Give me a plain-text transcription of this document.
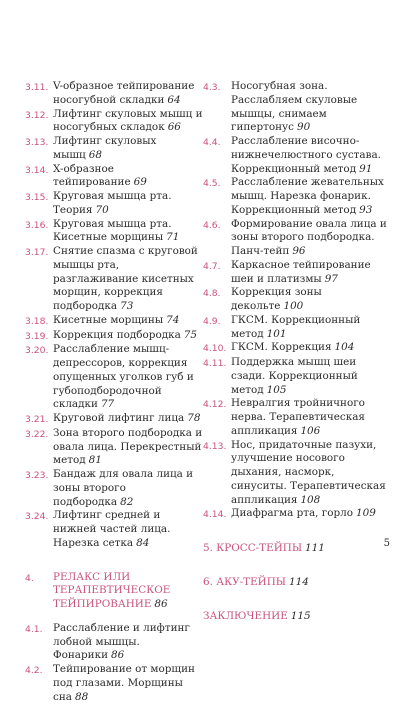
3.11. V-образное тейпирование носогубной складки 64
3.12. Лифтинг скуловых мышц и носогубных складок 66
3.13. Лифтинг скуловых мышц 68
3.14. X-образное тейпирование 69
3.15. Круговая мышца рта. Теория 70
3.16. Круговая мышца рта. Кисетные морщины 71
3.17. Снятие спазма с круговой мышцы рта, разглаживание кисетных морщин, коррекция подбородка 73
3.18. Кисетные морщины 74
3.19. Коррекция подбородка 75
3.20. Расслабление мышц-депрессоров, коррекция опущенных уголков губ и губоподбородочной складки 77
3.21. Круговой лифтинг лица 78
3.22. Зона второго подбородка и овала лица. Перекрестный метод 81
3.23. Бандаж для овала лица и зоны второго подбородка 82
3.24. Лифтинг средней и нижней частей лица. Нарезка сетка 84
4.	РЕЛАКС ИЛИ ТЕРАПЕВТИЧЕСКОЕ ТЕЙПИРОВАНИЕ 86
4.1.	Расслабление и лифтинг лобной мышцы. Фонарики 86
4.2.	Тейпирование от морщин под глазами. Морщины сна 88
4.3.	Носогубная зона. Расслабляем скуловые мышцы, снимаем гипертонус 90
4.4.	Расслабление височно-нижнечелюстного сустава. Коррекционный метод 91
4.5.	Расслабление жевательных мышц. Нарезка фонарик. Коррекционный метод 93
4.6.	Формирование овала лица и зоны второго подбородка. Панч-тейп 96
4.7.	Каркасное тейпирование шеи и платизмы 97
4.8.	Коррекция зоны декольте 100
4.9.	ГКСМ. Коррекционный метод 101
4.10. ГКСМ. Коррекция 104
4.11. Поддержка мышц шеи сзади. Коррекционный метод 105
4.12. Невралгия тройничного нерва. Терапевтическая аппликация 106
4.13. Нос, придаточные пазухи, улучшение носового дыхания, насморк, синуситы. Терапевтическая аппликация 108
4.14. Диафрагма рта, горло 109
5. КРОСС-ТЕЙПЫ 111
6. АКУ-ТЕЙПЫ 114
ЗАКЛЮЧЕНИЕ 115
5
